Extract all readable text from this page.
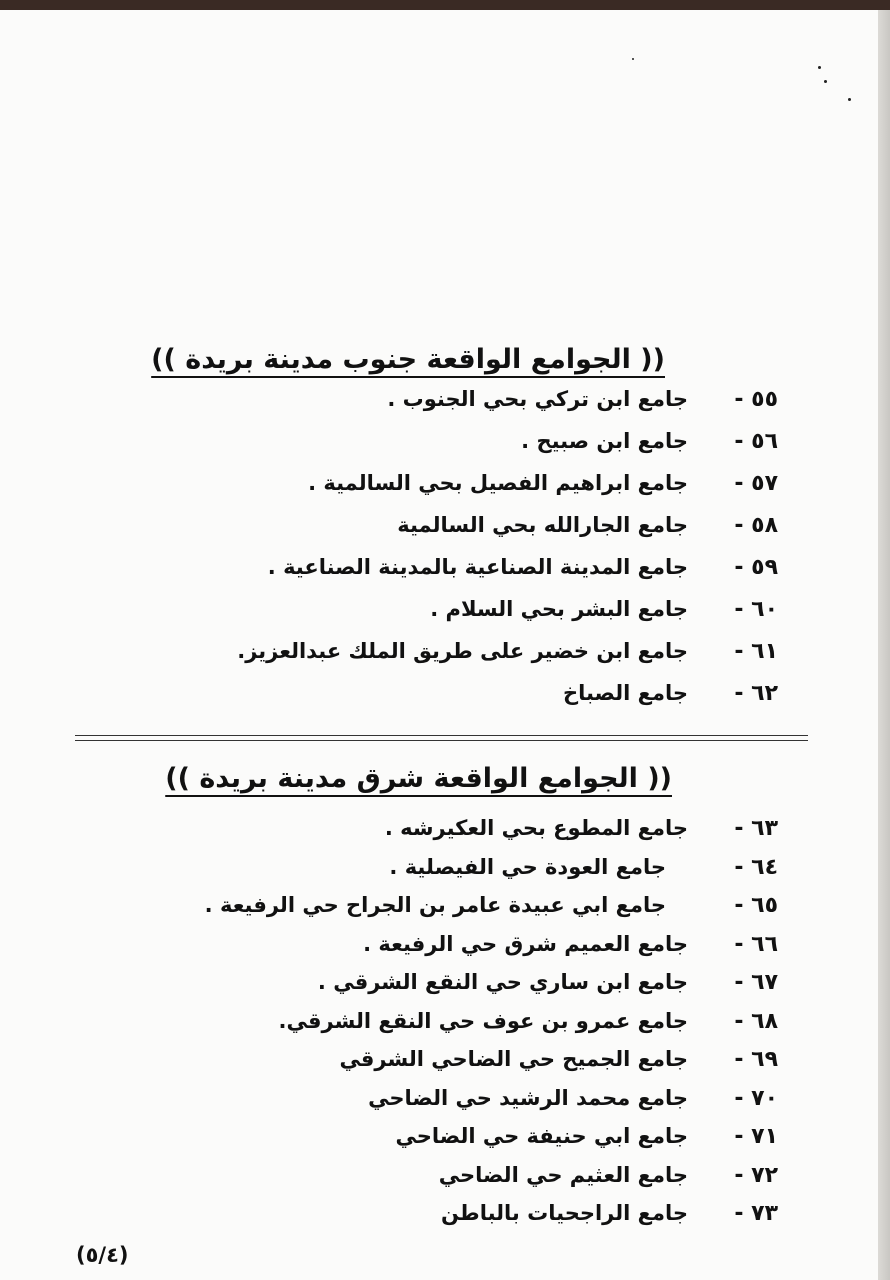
(( الجوامع الواقعة جنوب مدينة بريدة ))
٥٥ -
جامع ابن تركي بحي الجنوب .
٥٦ -
جامع ابن صبيح .
٥٧ -
جامع ابراهيم الفصيل بحي السالمية .
٥٨ -
جامع الجارالله بحي السالمية
٥٩ -
جامع المدينة الصناعية بالمدينة الصناعية .
٦٠ -
جامع البشر بحي السلام .
٦١ -
جامع ابن خضير على طريق الملك عبدالعزيز.
٦٢ -
جامع الصباخ
(( الجوامع الواقعة شرق مدينة بريدة ))
٦٣ -
جامع المطوع بحي العكيرشه .
٦٤ -
جامع العودة حي الفيصلية .
٦٥ -
جامع ابي عبيدة عامر بن الجراح حي الرفيعة .
٦٦ -
جامع العميم شرق حي الرفيعة .
٦٧ -
جامع ابن ساري حي النقع الشرقي .
٦٨ -
جامع عمرو بن عوف حي النقع الشرقي.
٦٩ -
جامع الجميح حي الضاحي الشرقي
٧٠ -
جامع محمد الرشيد حي الضاحي
٧١ -
جامع ابي حنيفة حي الضاحي
٧٢ -
جامع العثيم حي الضاحي
٧٣ -
جامع الراجحيات بالباطن
(٥/٤)
